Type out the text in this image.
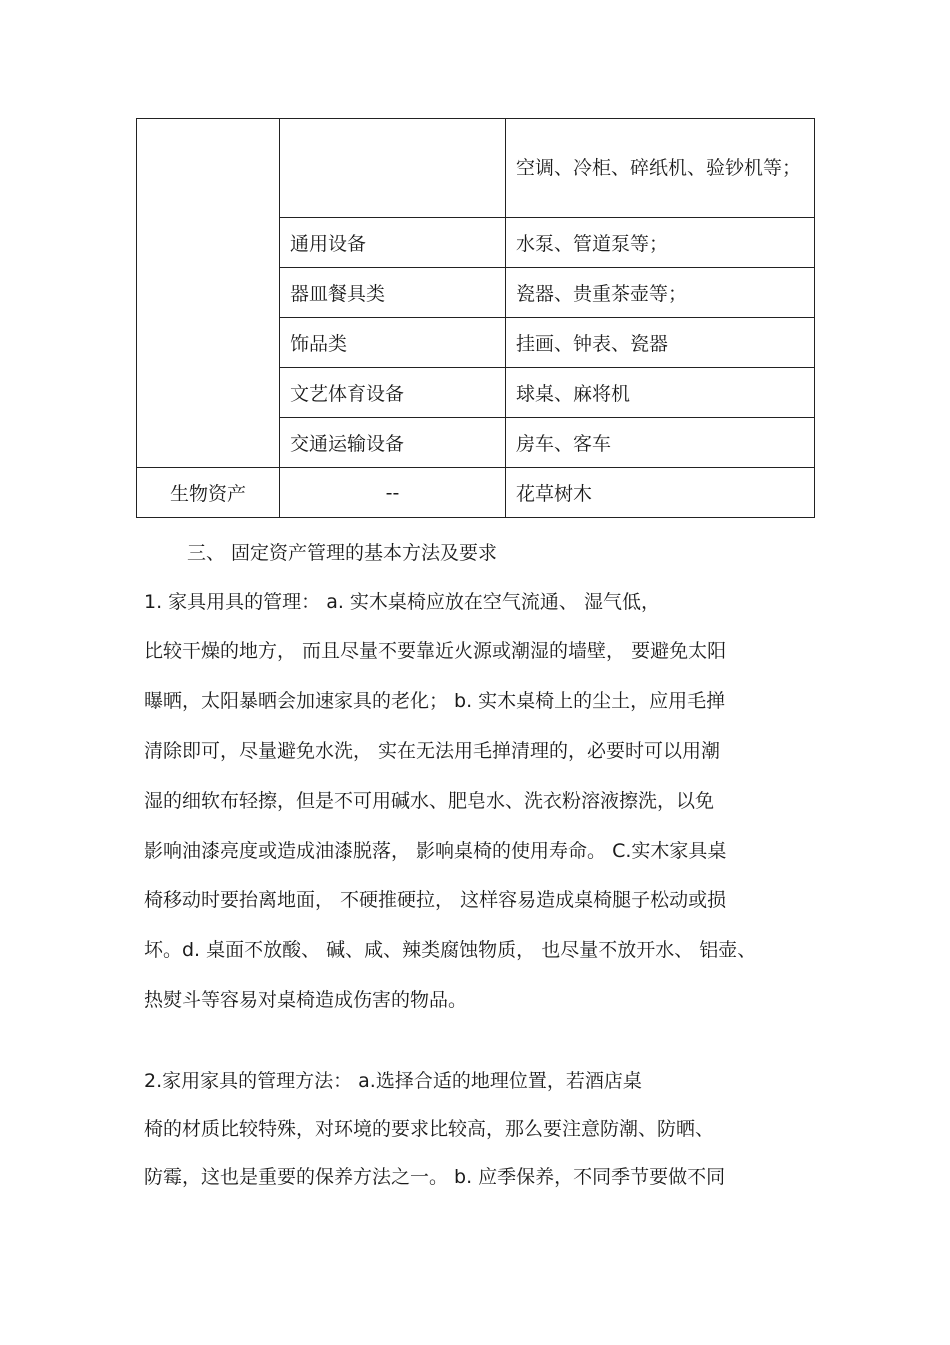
		空调、冷柜、碎纸机、验钞机等；
	通用设备	水泵、管道泵等；
	器皿餐具类	瓷器、贵重茶壶等；
	饰品类	挂画、钟表、瓷器
	文艺体育设备	球桌、麻将机
	交通运输设备	房车、客车
生物资产	--	花草树木
三、 固定资产管理的基本方法及要求
1. 家具用具的管理： a. 实木桌椅应放在空气流通、 湿气低，
比较干燥的地方， 而且尽量不要靠近火源或潮湿的墙壁， 要避免太阳
曝晒，太阳暴晒会加速家具的老化； b. 实木桌椅上的尘土，应用毛掸
清除即可，尽量避免水洗， 实在无法用毛掸清理的，必要时可以用潮
湿的细软布轻擦，但是不可用碱水、肥皂水、洗衣粉溶液擦洗，以免
影响油漆亮度或造成油漆脱落， 影响桌椅的使用寿命。 C.实木家具桌
椅移动时要抬离地面， 不硬推硬拉， 这样容易造成桌椅腿子松动或损
坏。d. 桌面不放酸、 碱、咸、辣类腐蚀物质， 也尽量不放开水、 铝壶、
热熨斗等容易对桌椅造成伤害的物品。
2.家用家具的管理方法： a.选择合适的地理位置，若酒店桌
椅的材质比较特殊，对环境的要求比较高，那么要注意防潮、防晒、
防霉，这也是重要的保养方法之一。 b. 应季保养，不同季节要做不同
